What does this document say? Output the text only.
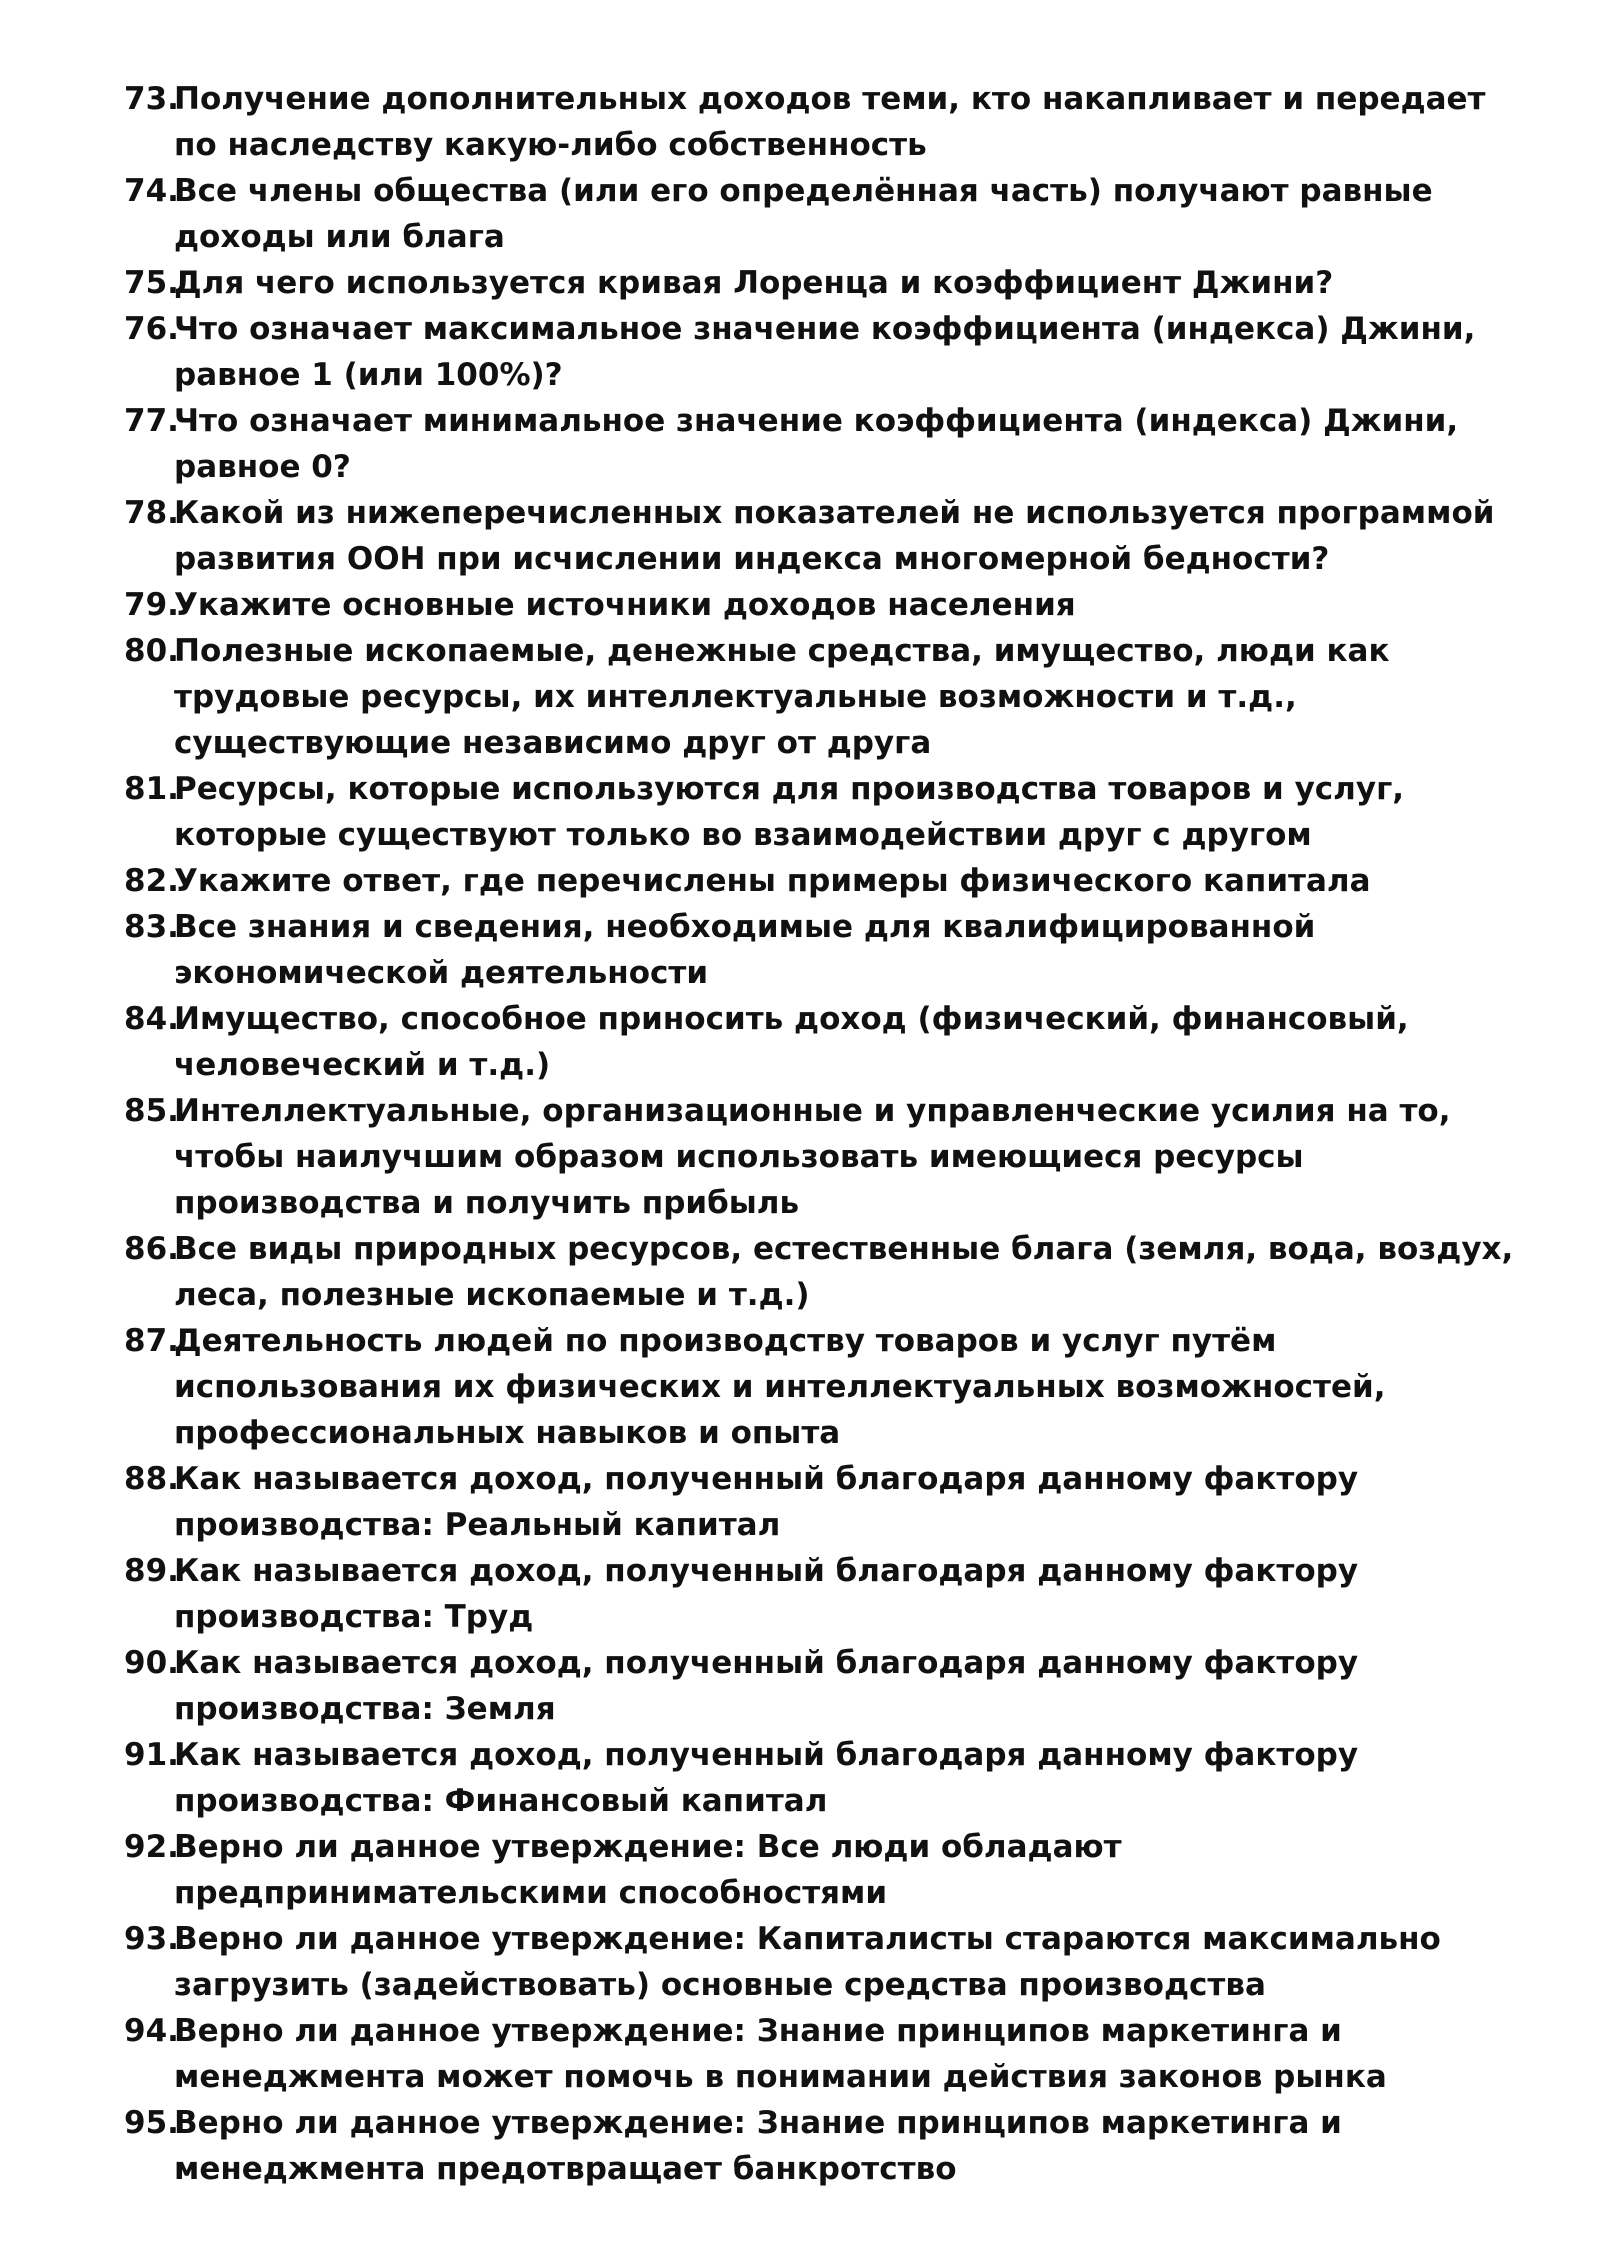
73.
Получение дополнительных доходов теми, кто накапливает и передает по наследству какую-либо собственность
74.
Все члены общества (или его определённая часть) получают равные доходы или блага
75.
Для чего используется кривая Лоренца и коэффициент Джини?
76.
Что означает максимальное значение коэффициента (индекса) Джини, равное 1 (или 100%)?
77.
Что означает минимальное значение коэффициента (индекса) Джини, равное 0?
78.
Какой из нижеперечисленных показателей не используется программой развития ООН при исчислении индекса многомерной бедности?
79.
Укажите основные источники доходов населения
80.
Полезные ископаемые, денежные средства, имущество, люди как трудовые ресурсы, их интеллектуальные возможности и т.д., существующие независимо друг от друга
81.
Ресурсы, которые используются для производства товаров и услуг, которые существуют только во взаимодействии друг с другом
82.
Укажите ответ, где перечислены примеры физического капитала
83.
Все знания и сведения, необходимые для квалифицированной экономической деятельности
84.
Имущество, способное приносить доход (физический, финансовый, человеческий и т.д.)
85.
Интеллектуальные, организационные и управленческие усилия на то, чтобы наилучшим образом использовать имеющиеся ресурсы производства и получить прибыль
86.
Все виды природных ресурсов, естественные блага (земля, вода, воздух, леса, полезные ископаемые и т.д.)
87.
Деятельность людей по производству товаров и услуг путём использования их физических и интеллектуальных возможностей, профессиональных навыков и опыта
88.
Как называется доход, полученный благодаря данному фактору производства: Реальный капитал
89.
Как называется доход, полученный благодаря данному фактору производства: Труд
90.
Как называется доход, полученный благодаря данному фактору производства: Земля
91.
Как называется доход, полученный благодаря данному фактору производства: Финансовый капитал
92.
Верно ли данное утверждение: Все люди обладают предпринимательскими способностями
93.
Верно ли данное утверждение: Капиталисты стараются максимально загрузить (задействовать) основные средства производства
94.
Верно ли данное утверждение: Знание принципов маркетинга и менеджмента может помочь в понимании действия законов рынка
95.
Верно ли данное утверждение: Знание принципов маркетинга и менеджмента предотвращает банкротство
